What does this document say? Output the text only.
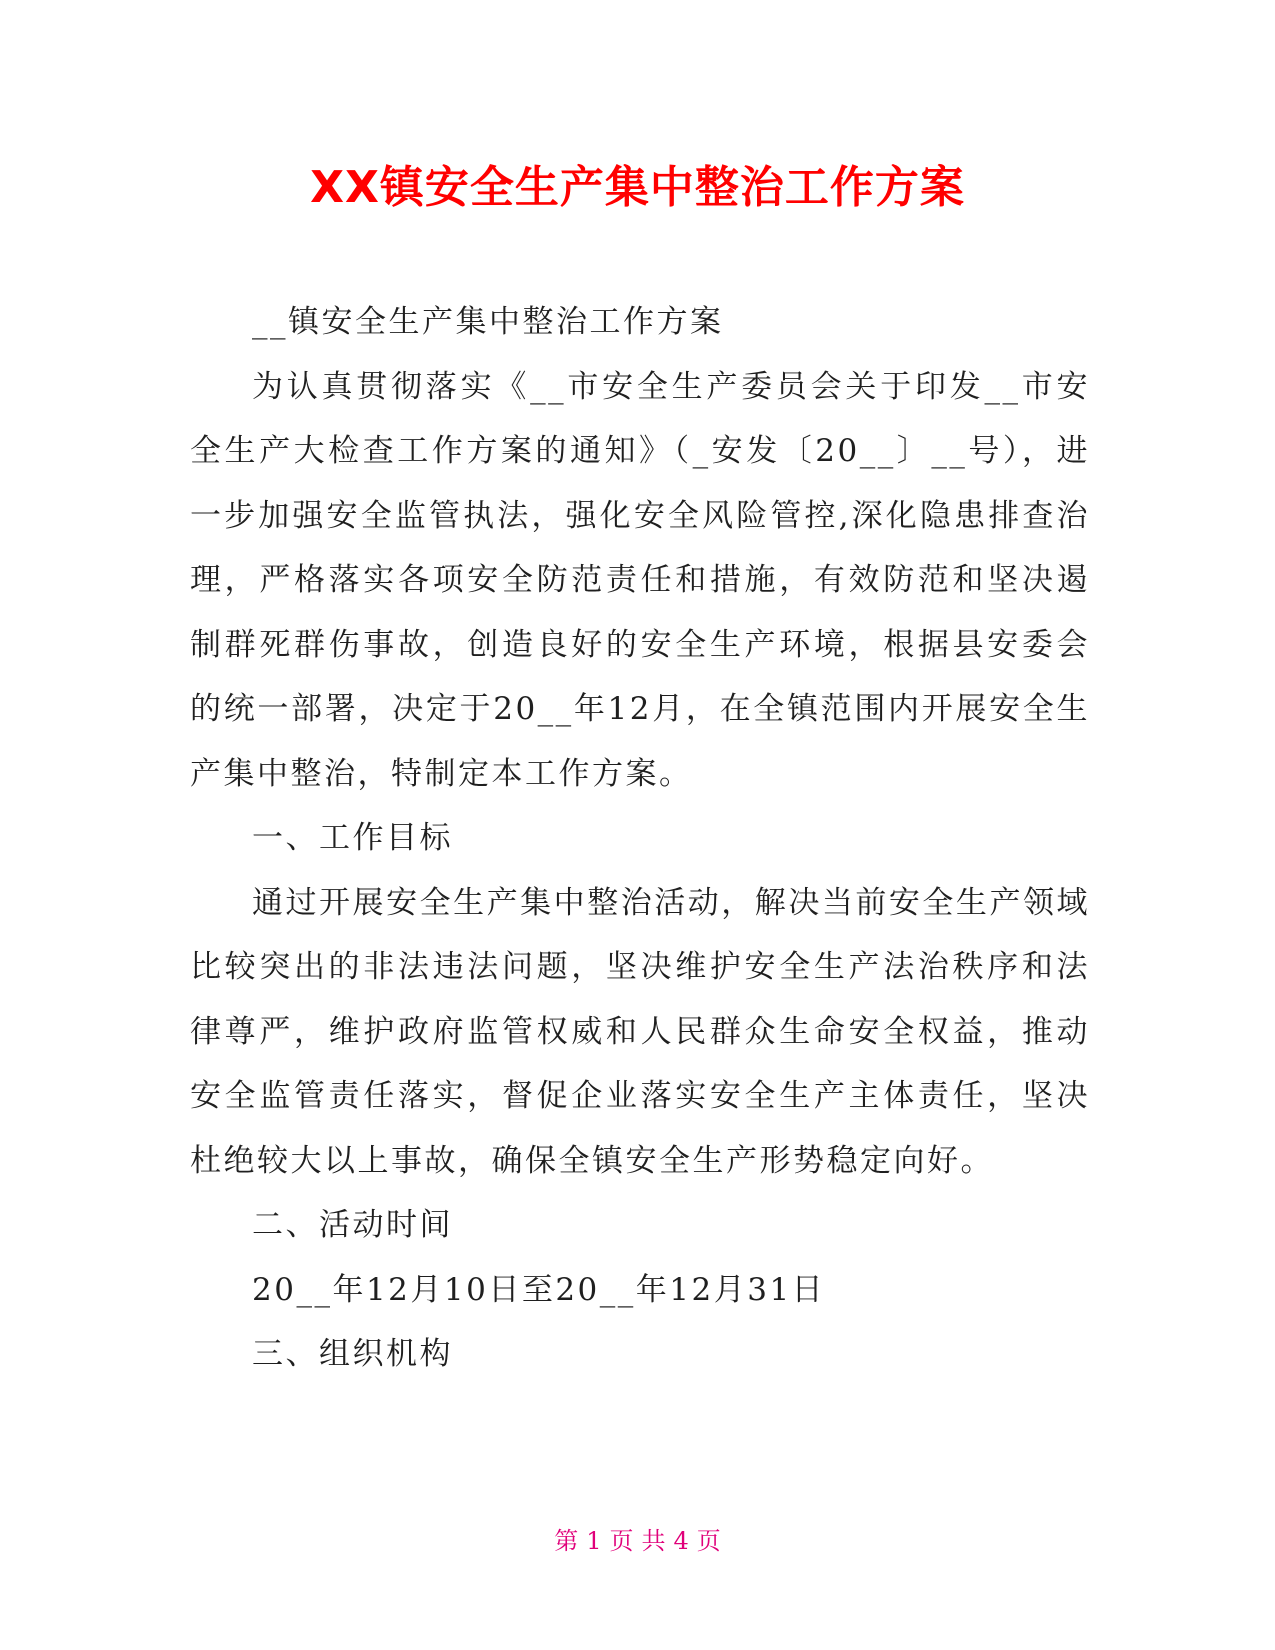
XX镇安全生产集中整治工作方案

__镇安全生产集中整治工作方案

为认真贯彻落实《__市安全生产委员会关于印发__市安全生产大检查工作方案的通知》（_安发〔20__〕__号），进一步加强安全监管执法，强化安全风险管控,深化隐患排查治理，严格落实各项安全防范责任和措施，有效防范和坚决遏制群死群伤事故，创造良好的安全生产环境，根据县安委会的统一部署，决定于20__年12月，在全镇范围内开展安全生产集中整治，特制定本工作方案。

一、工作目标

通过开展安全生产集中整治活动，解决当前安全生产领域比较突出的非法违法问题，坚决维护安全生产法治秩序和法律尊严，维护政府监管权威和人民群众生命安全权益，推动安全监管责任落实，督促企业落实安全生产主体责任，坚决杜绝较大以上事故，确保全镇安全生产形势稳定向好。

二、活动时间

20__年12月10日至20__年12月31日

三、组织机构

第 1 页 共 4 页
